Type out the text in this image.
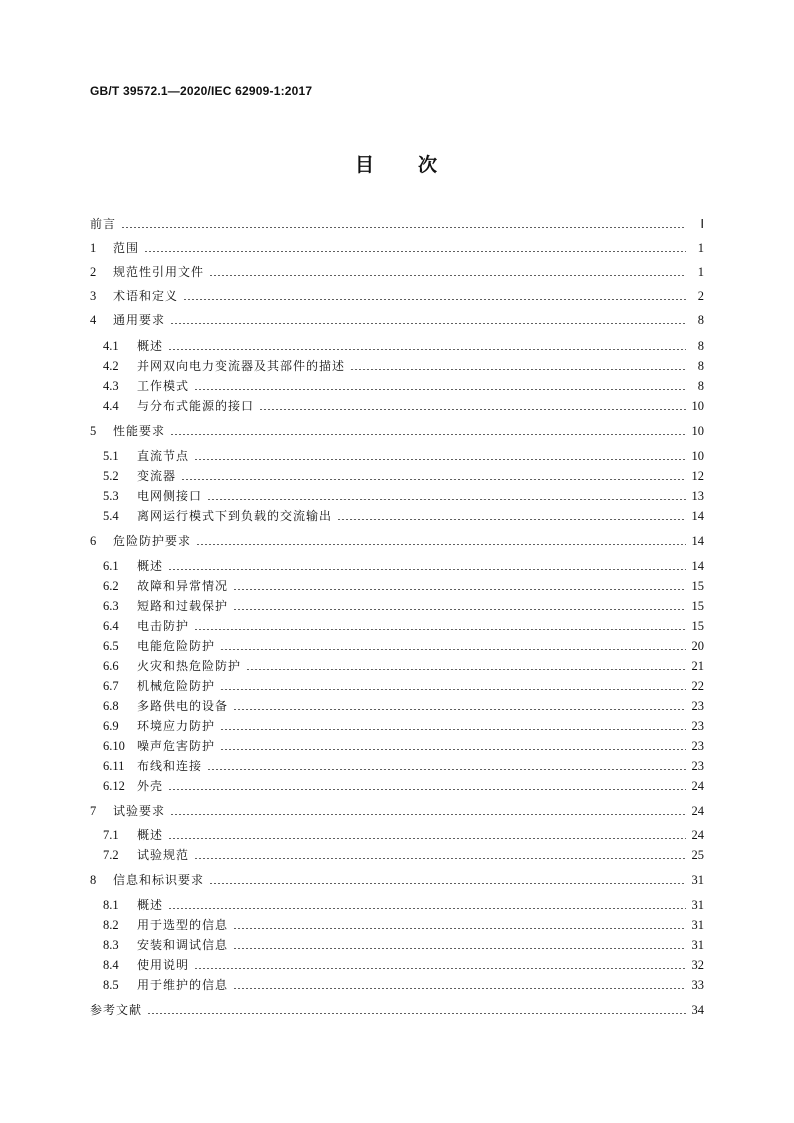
GB/T 39572.1—2020/IEC 62909-1:2017
目　　次
前言	Ⅰ
1	范围	1
2	规范性引用文件	1
3	术语和定义	2
4	通用要求	8
4.1	概述	8
4.2	并网双向电力变流器及其部件的描述	8
4.3	工作模式	8
4.4	与分布式能源的接口	10
5	性能要求	10
5.1	直流节点	10
5.2	变流器	12
5.3	电网侧接口	13
5.4	离网运行模式下到负载的交流输出	14
6	危险防护要求	14
6.1	概述	14
6.2	故障和异常情况	15
6.3	短路和过载保护	15
6.4	电击防护	15
6.5	电能危险防护	20
6.6	火灾和热危险防护	21
6.7	机械危险防护	22
6.8	多路供电的设备	23
6.9	环境应力防护	23
6.10	噪声危害防护	23
6.11	布线和连接	23
6.12	外壳	24
7	试验要求	24
7.1	概述	24
7.2	试验规范	25
8	信息和标识要求	31
8.1	概述	31
8.2	用于选型的信息	31
8.3	安装和调试信息	31
8.4	使用说明	32
8.5	用于维护的信息	33
参考文献	34
